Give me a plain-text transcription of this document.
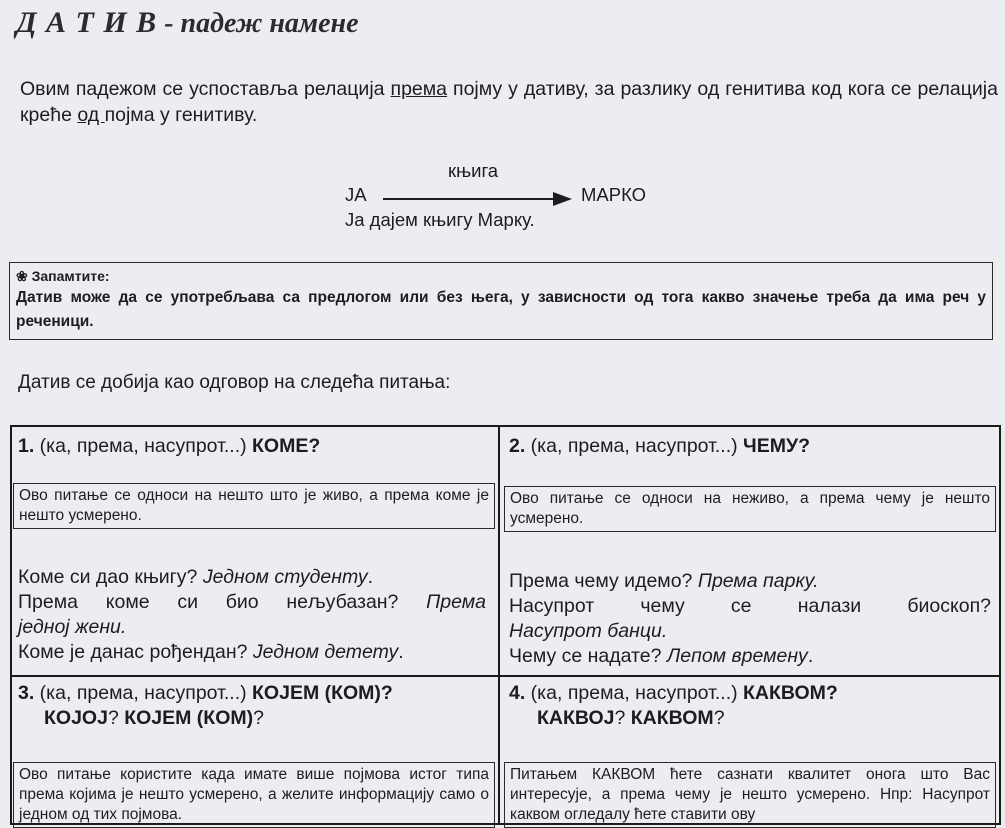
Д А Т И В - падеж намене
Овим падежом се успоставља релација према појму у дативу, за разлику од генитива код кога се релација креће од појма у генитиву.
књига
ЈА	МАРКО
Ја дајем књигу Марку.
❀ Запамтите:
Датив може да се употребљава са предлогом или без њега, у зависности од тога какво значење треба да има реч у реченици.
Датив се добија као одговор на следећа питања:
1. (ка, према, насупрот...) КОМЕ?
Ово питање се односи на нешто што је живо, а према коме је нешто усмерено.
Коме си дао књигу? Једном студенту.
Према коме си био нељубазан? Према
једној жени.
Коме је данас рођендан? Једном детету.
2. (ка, према, насупрот...) ЧЕМУ?
Ово питање се односи на неживо, а према чему је нешто усмерено.
Према чему идемо? Према парку.
Насупрот чему се налази биоскоп?
Насупрот банци.
Чему се надате? Лепом времену.
3. (ка, према, насупрот...) КОЈЕМ (КОМ)?
КОЈОЈ? КОЈЕМ (КОМ)?
Ово питање користите када имате више појмова истог типа према којима је нешто усмерено, а желите информацију само о једном од тих појмова.
4. (ка, према, насупрот...) КАКВОМ?
КАКВОЈ? КАКВОМ?
Питањем КАКВОМ ћете сазнати квалитет онога што Вас интересује, а према чему је нешто усмерено. Нпр: Насупрот каквом огледалу ћете ставити ову
